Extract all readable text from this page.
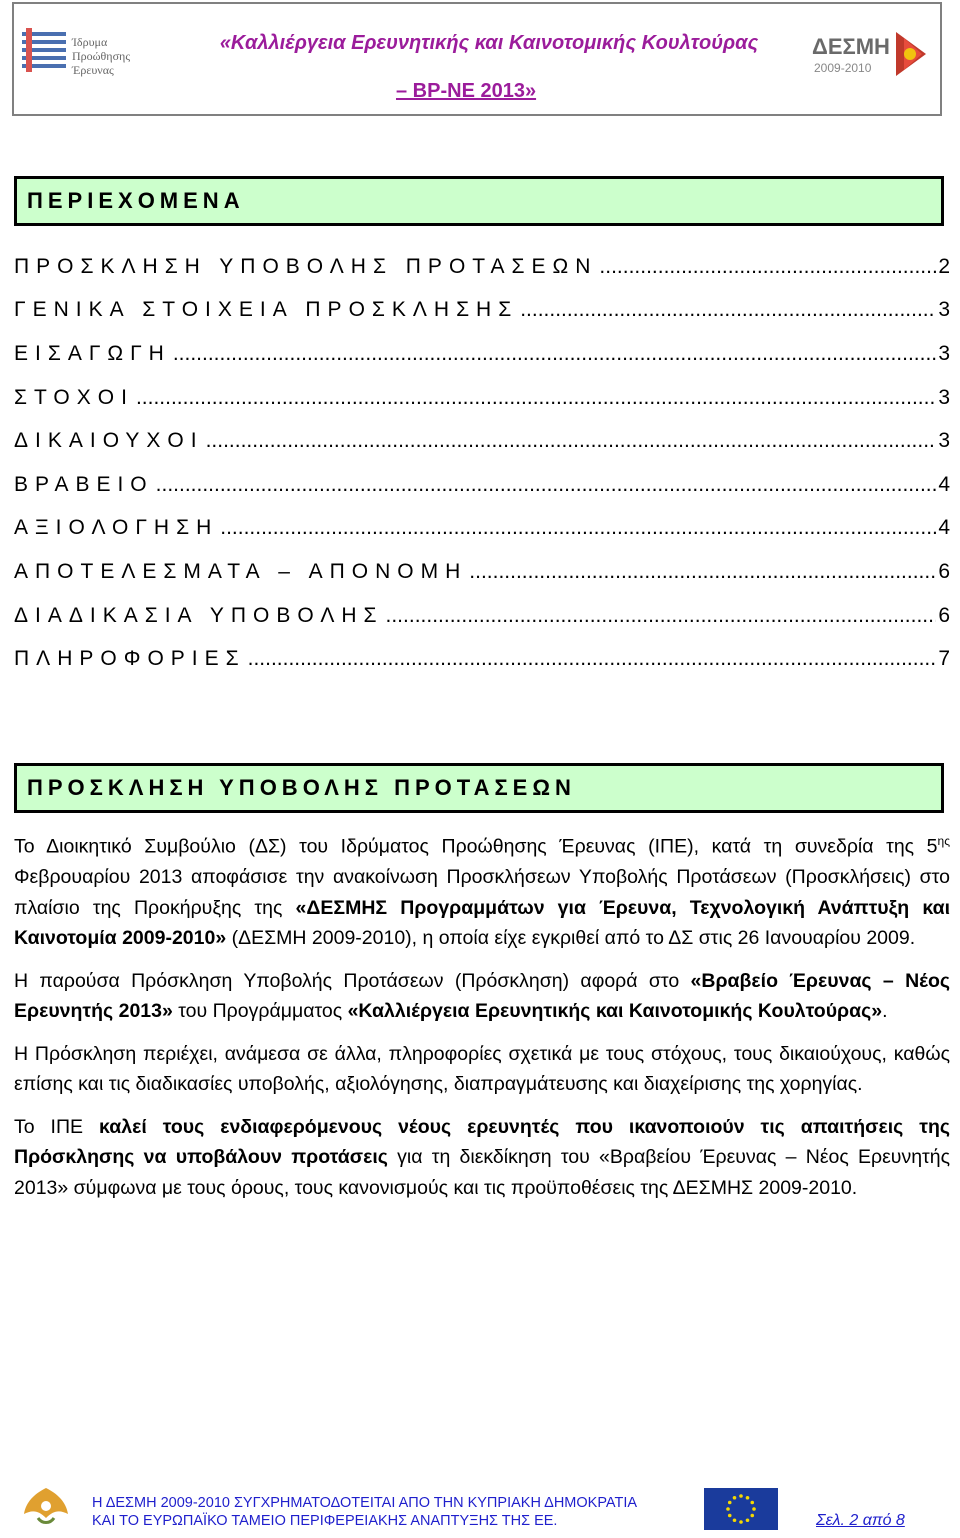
Ίδρυμα
Προώθησης
Έρευνας
«Καλλιέργεια Ερευνητικής και Καινοτομικής Κουλτούρας
– ΒΡ-ΝΕ 2013»
ΔΕΣΜΗ
2009-2010
ΠΕΡΙΕΧΟΜΕΝΑ
ΠΡΟΣΚΛΗΣΗ ΥΠΟΒΟΛΗΣ ΠΡΟΤΑΣΕΩΝ .....	2
ΓΕΝΙΚΑ ΣΤΟΙΧΕΙΑ ΠΡΟΣΚΛΗΣΗΣ .....	3
ΕΙΣΑΓΩΓΗ .....	3
ΣΤΟΧΟΙ .....	3
ΔΙΚΑΙΟΥΧΟΙ .....	3
ΒΡΑΒΕΙΟ .....	4
ΑΞΙΟΛΟΓΗΣΗ .....	4
ΑΠΟΤΕΛΕΣΜΑΤΑ – ΑΠΟΝΟΜΗ .....	6
ΔΙΑΔΙΚΑΣΙΑ ΥΠΟΒΟΛΗΣ .....	6
ΠΛΗΡΟΦΟΡΙΕΣ .....	7
ΠΡΟΣΚΛΗΣΗ ΥΠΟΒΟΛΗΣ ΠΡΟΤΑΣΕΩΝ

Το Διοικητικό Συμβούλιο (ΔΣ) του Ιδρύματος Προώθησης Έρευνας (ΙΠΕ), κατά τη συνεδρία της $5^{\eta\varsigma}$ Φεβρουαρίου 2013 αποφάσισε την ανακοίνωση Προσκλήσεων Υποβολής Προτάσεων (Προσκλήσεις) στο πλαίσιο της Προκήρυξης της «ΔΕΣΜΗΣ Προγραμμάτων για Έρευνα, Τεχνολογική Ανάπτυξη και Καινοτομία 2009-2010» (ΔΕΣΜΗ 2009-2010), η οποία είχε εγκριθεί από το ΔΣ στις 26 Ιανουαρίου 2009.

Η παρούσα Πρόσκληση Υποβολής Προτάσεων (Πρόσκληση) αφορά στο «Βραβείο Έρευνας – Νέος Ερευνητής 2013» του Προγράμματος «Καλλιέργεια Ερευνητικής και Καινοτομικής Κουλτούρας».

Η Πρόσκληση περιέχει, ανάμεσα σε άλλα, πληροφορίες σχετικά με τους στόχους, τους δικαιούχους, καθώς επίσης και τις διαδικασίες υποβολής, αξιολόγησης, διαπραγμάτευσης και διαχείρισης της χορηγίας.

Το ΙΠΕ καλεί τους ενδιαφερόμενους νέους ερευνητές που ικανοποιούν τις απαιτήσεις της Πρόσκλησης να υποβάλουν προτάσεις για τη διεκδίκηση του «Βραβείου Έρευνας – Νέος Ερευνητής 2013» σύμφωνα με τους όρους, τους κανονισμούς και τις προϋποθέσεις της ΔΕΣΜΗΣ 2009-2010.

Η ΔΕΣΜΗ 2009-2010 ΣΥΓΧΡΗΜΑΤΟΔΟΤΕΙΤΑΙ ΑΠΟ ΤΗΝ ΚΥΠΡΙΑΚΗ ΔΗΜΟΚΡΑΤΙΑ
ΚΑΙ ΤΟ ΕΥΡΩΠΑΪΚΟ ΤΑΜΕΙΟ ΠΕΡΙΦΕΡΕΙΑΚΗΣ ΑΝΑΠΤΥΞΗΣ ΤΗΣ ΕΕ.	Σελ. 2 από 8
